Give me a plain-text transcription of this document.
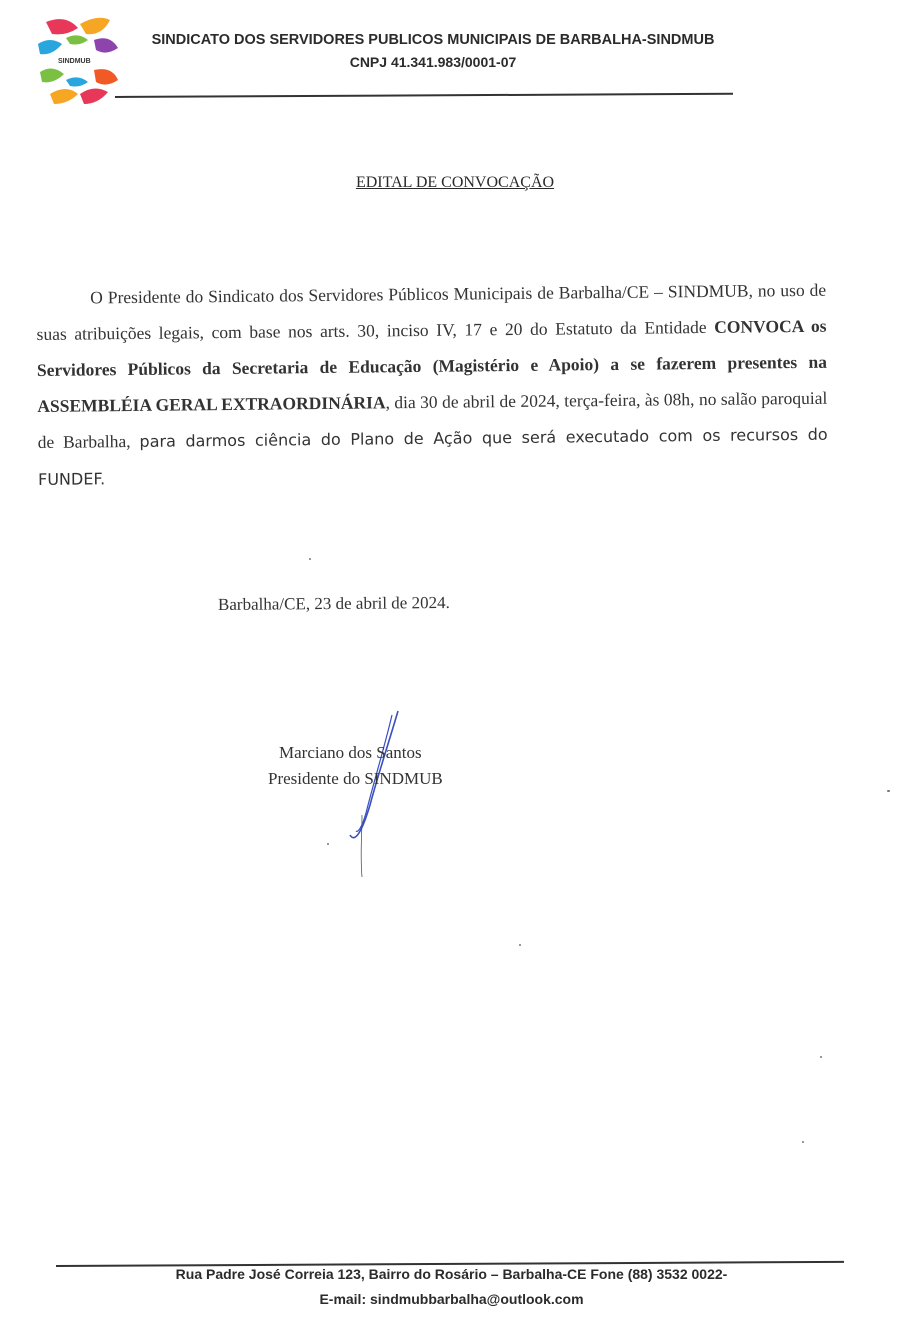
SINDMUB
SINDICATO DOS SERVIDORES PUBLICOS MUNICIPAIS DE BARBALHA-SINDMUB
CNPJ 41.341.983/0001-07
EDITAL DE CONVOCAÇÃO
O Presidente do Sindicato dos Servidores Públicos Municipais de Barbalha/CE – SINDMUB, no uso de suas atribuições legais, com base nos arts. 30, inciso IV, 17 e 20 do Estatuto da Entidade CONVOCA os Servidores Públicos da Secretaria de Educação (Magistério e Apoio) a se fazerem presentes na ASSEMBLÉIA GERAL EXTRAORDINÁRIA, dia 30 de abril de 2024, terça-feira, às 08h, no salão paroquial de Barbalha, para darmos ciência do Plano de Ação que será executado com os recursos do FUNDEF.
Barbalha/CE, 23 de abril de 2024.
Marciano dos Santos
Presidente do SINDMUB
Rua Padre José Correia 123, Bairro do Rosário – Barbalha-CE Fone (88) 3532 0022-
E-mail: sindmubbarbalha@outlook.com
